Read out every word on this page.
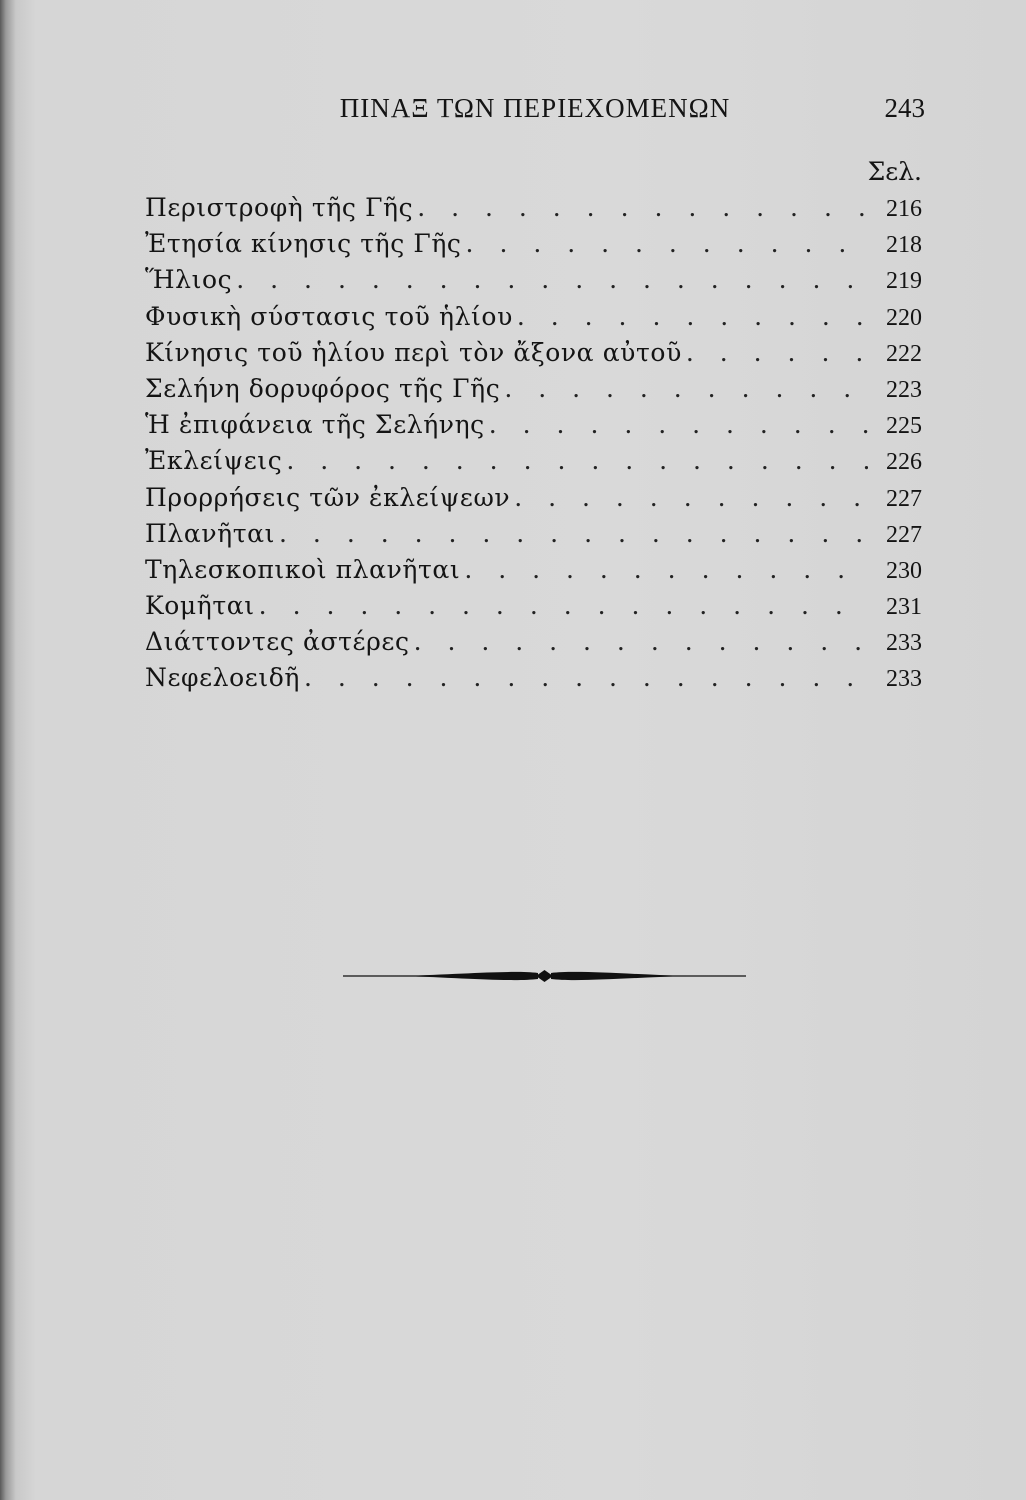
ΠΙΝΑΞ ΤΩΝ ΠΕΡΙΕΧΟΜΕΝΩΝ	243
Σελ.
Περιστροφὴ τῆς Γῆς . . .	216
Ἐτησία κίνησις τῆς Γῆς . . .	218
Ἥλιος . . .	219
Φυσικὴ σύστασις τοῦ ἡλίου . . .	220
Κίνησις τοῦ ἡλίου περὶ τὸν ἄξονα αὐτοῦ . . .	222
Σελήνη δορυφόρος τῆς Γῆς . . .	223
Ἡ ἐπιφάνεια τῆς Σελήνης . . .	225
Ἐκλείψεις . . .	226
Προρρήσεις τῶν ἐκλείψεων . . .	227
Πλανῆται . . .	227
Τηλεσκοπικοὶ πλανῆται . . .	230
Κομῆται . . .	231
Διάττοντες ἀστέρες . . .	233
Νεφελοειδῆ . . .	233
